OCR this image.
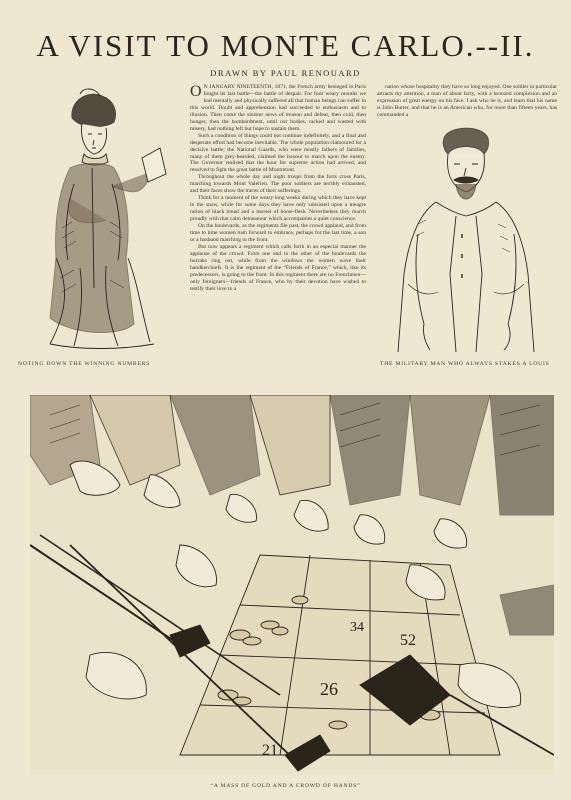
A VISIT TO MONTE CARLO.--II.
DRAWN BY PAUL RENOUARD

O N JANUARY NINETEENTH, 1871, the French army besieged in Paris fought its last battle—the battle of despair. For four weary months we had mentally and physically suffered all that human beings can suffer in this world. Doubt and apprehension had succeeded to enthusiasm and to illusion. Then come the sinister news of treason and defeat, then cold, then hunger, then the bombardment, until our bodies, racked and wasted with misery, had nothing left but hope to sustain them.

Such a condition of things could not continue indefinitely, and a final and desperate effort had become inevitable. The whole population clamoured for a decisive battle; the National Guards, who were mostly fathers of families, many of them grey-bearded, claimed the honour to march upon the enemy. The Governor realised that the hour for supreme action had arrived, and resolved to fight the great battle of Montretout.

Throughout the whole day and night troops from the forts cross Paris, marching towards Mont Valérien. The poor soldiers are terribly exhausted, and their faces show the traces of their sufferings.

Think for a moment of the weary long weeks during which they have kept in the snow, while for some days they have only subsisted upon a meagre ration of black bread and a morsel of horse-flesh. Nevertheless they march proudly with that calm demeanour which accompanies a quiet conscience.

On the boulevards, as the regiments file past, the crowd applaud, and from time to time women rush forward to embrace, perhaps for the last time, a son or a husband marching to the front.

But now appears a regiment which calls forth in an especial manner the applause of the crowd. From one end to the other of the boulevards the hurrahs ring out, while from the windows the women wave their handkerchiefs. It is the regiment of the “Friends of France,” which, like its predecessors, is going to the front. In this regiment there are no Frenchmen—only foreigners—friends of France, who by their devotion have wished to testify their love to a

nation whose hospitality they have so long enjoyed. One soldier in particular attracts my attention, a man of about forty, with a bronzed complexion and an expression of great energy on his face. I ask who he is, and learn that his name is John Burter, and that he is an American who, for more than fifteen years, has commanded a

NOTING DOWN THE WINNING NUMBERS	THE MILITARY MAN WHO ALWAYS STAKES A LOUIS
26
21
52
34
“A MASS OF GOLD AND A CROWD OF HANDS”
